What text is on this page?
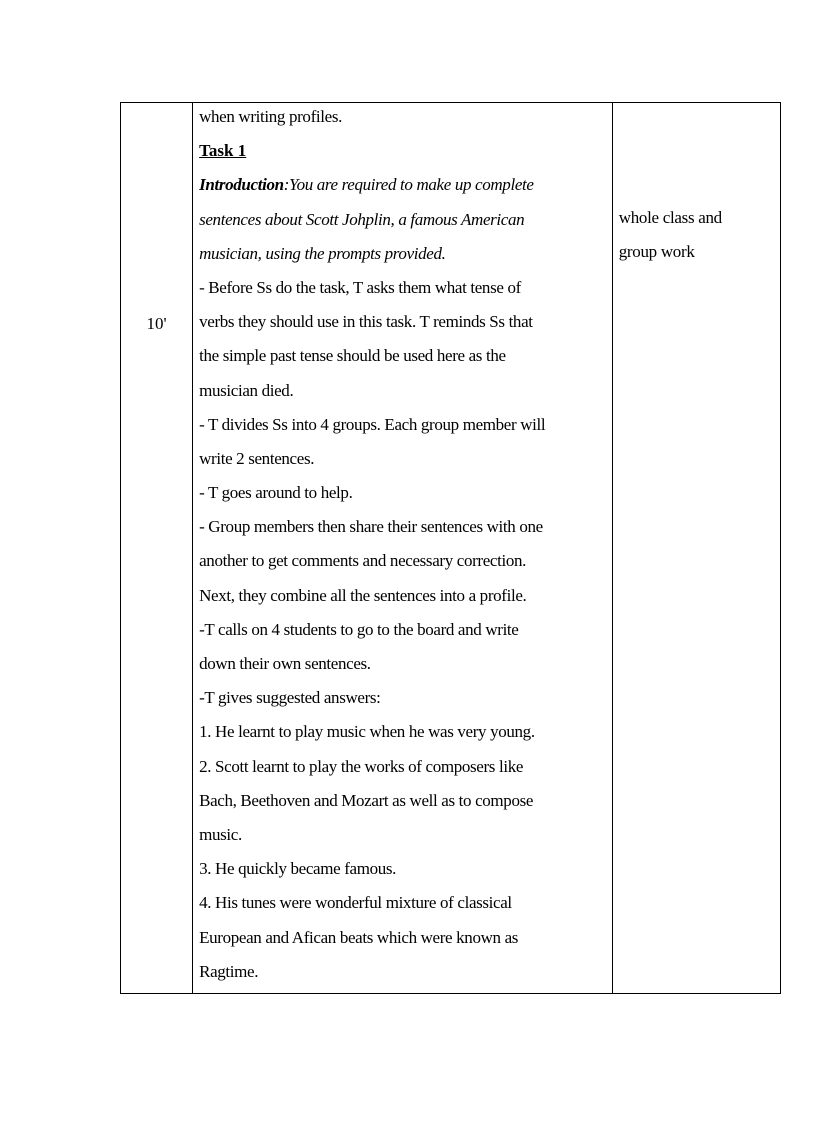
10'

when writing profiles.
Task 1
Introduction:You are required to make up complete
sentences about Scott Johplin, a famous American
musician, using the prompts provided.
- Before Ss do the task, T asks them what tense of
verbs they should use in this task. T reminds Ss that
the simple past tense should be used here as the
musician died.
- T divides Ss into 4 groups. Each group member will
write 2 sentences.
- T goes around to help.
- Group members then share their sentences with one
another to get comments and necessary correction.
Next, they combine all the sentences into a profile.
-T calls on 4 students to go to the board and write
down their own sentences.
-T gives suggested answers:
1. He learnt to play music when he was very young.
2. Scott learnt to play the works of composers like
Bach, Beethoven and Mozart as well as to compose
music.
3. He quickly became famous.
4. His tunes were wonderful mixture of classical
European and Afican beats which were known as
Ragtime.

whole class and
group work
